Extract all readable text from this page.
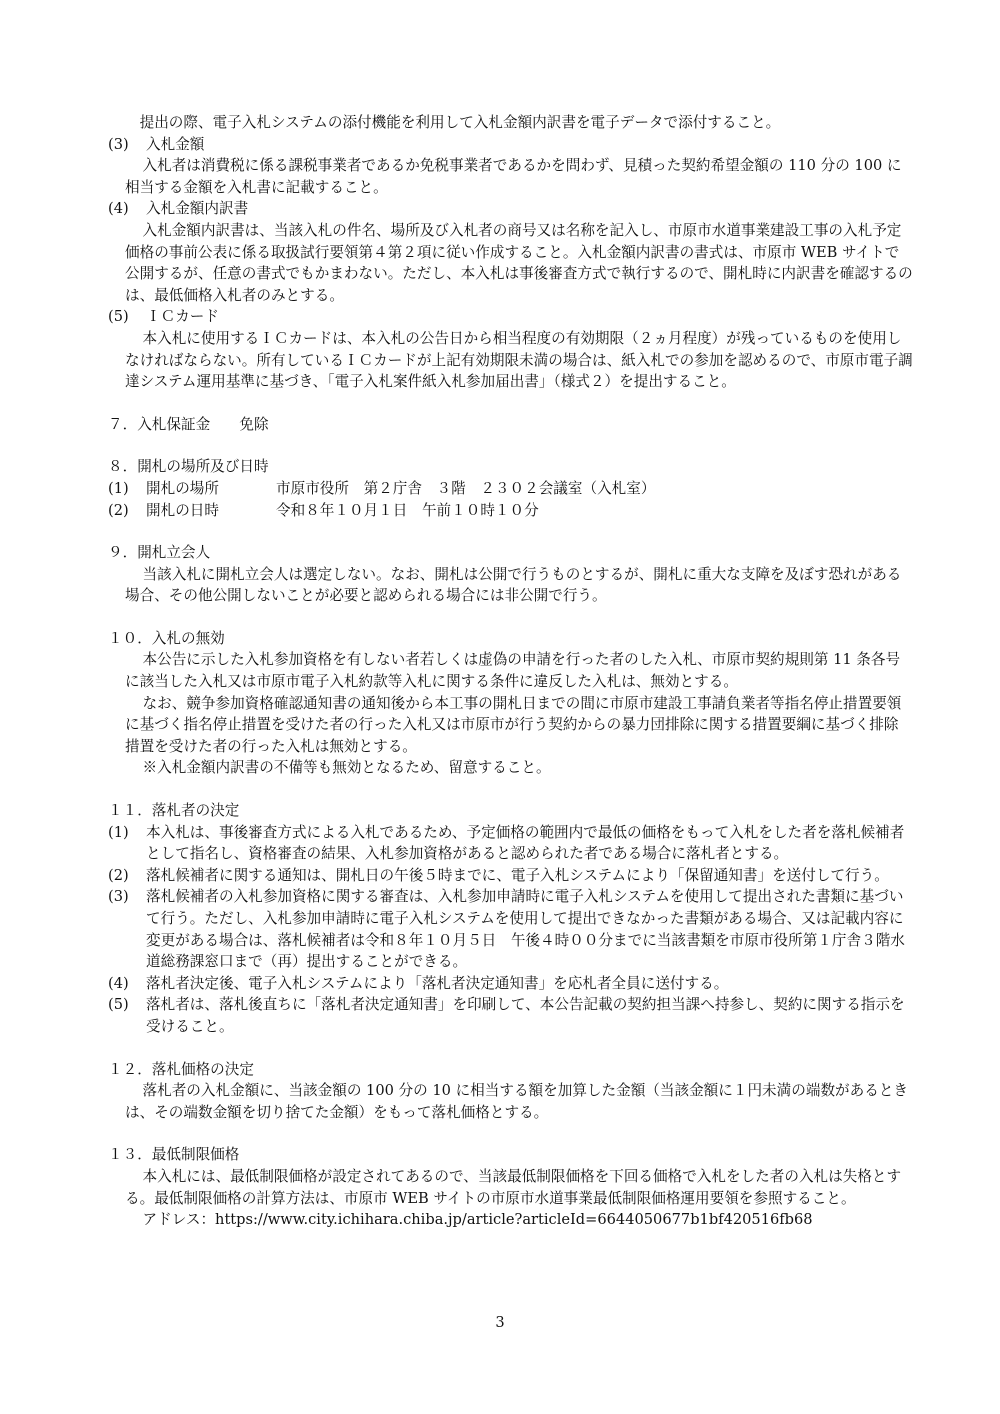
提出の際、電子入札システムの添付機能を利用して入札金額内訳書を電子データで添付すること。

(3)	入札金額

入札者は消費税に係る課税事業者であるか免税事業者であるかを問わず、見積った契約希望金額の 110 分の 100 に相当する金額を入札書に記載すること。

(4)	入札金額内訳書

入札金額内訳書は、当該入札の件名、場所及び入札者の商号又は名称を記入し、市原市水道事業建設工事の入札予定価格の事前公表に係る取扱試行要領第４第２項に従い作成すること。入札金額内訳書の書式は、市原市 WEB サイトで公開するが、任意の書式でもかまわない。ただし、本入札は事後審査方式で執行するので、開札時に内訳書を確認するのは、最低価格入札者のみとする。

(5)	ＩＣカード

本入札に使用するＩＣカードは、本入札の公告日から相当程度の有効期限（２ヵ月程度）が残っているものを使用しなければならない。所有しているＩＣカードが上記有効期限未満の場合は、紙入札での参加を認めるので、市原市電子調達システム運用基準に基づき、「電子入札案件紙入札参加届出書」（様式２）を提出すること。

７．入札保証金　　免除

８．開札の場所及び日時

(1)	開札の場所	市原市役所　第２庁舎　３階　２３０２会議室（入札室）
(2)	開札の日時	令和８年１０月１日　午前１０時１０分

９．開札立会人

当該入札に開札立会人は選定しない。なお、開札は公開で行うものとするが、開札に重大な支障を及ぼす恐れがある場合、その他公開しないことが必要と認められる場合には非公開で行う。

１０．入札の無効

本公告に示した入札参加資格を有しない者若しくは虚偽の申請を行った者のした入札、市原市契約規則第 11 条各号に該当した入札又は市原市電子入札約款等入札に関する条件に違反した入札は、無効とする。

なお、競争参加資格確認通知書の通知後から本工事の開札日までの間に市原市建設工事請負業者等指名停止措置要領に基づく指名停止措置を受けた者の行った入札又は市原市が行う契約からの暴力団排除に関する措置要綱に基づく排除措置を受けた者の行った入札は無効とする。

※入札金額内訳書の不備等も無効となるため、留意すること。

１１．落札者の決定

(1)	本入札は、事後審査方式による入札であるため、予定価格の範囲内で最低の価格をもって入札をした者を落札候補者として指名し、資格審査の結果、入札参加資格があると認められた者である場合に落札者とする。
(2)	落札候補者に関する通知は、開札日の午後５時までに、電子入札システムにより「保留通知書」を送付して行う。
(3)	落札候補者の入札参加資格に関する審査は、入札参加申請時に電子入札システムを使用して提出された書類に基づいて行う。ただし、入札参加申請時に電子入札システムを使用して提出できなかった書類がある場合、又は記載内容に変更がある場合は、落札候補者は令和８年１０月５日　午後４時００分までに当該書類を市原市役所第１庁舎３階水道総務課窓口まで（再）提出することができる。
(4)	落札者決定後、電子入札システムにより「落札者決定通知書」を応札者全員に送付する。
(5)	落札者は、落札後直ちに「落札者決定通知書」を印刷して、本公告記載の契約担当課へ持参し、契約に関する指示を受けること。

１２．落札価格の決定

落札者の入札金額に、当該金額の 100 分の 10 に相当する額を加算した金額（当該金額に１円未満の端数があるときは、その端数金額を切り捨てた金額）をもって落札価格とする。

１３．最低制限価格

本入札には、最低制限価格が設定されてあるので、当該最低制限価格を下回る価格で入札をした者の入札は失格とする。最低制限価格の計算方法は、市原市 WEB サイトの市原市水道事業最低制限価格運用要領を参照すること。

アドレス：https://www.city.ichihara.chiba.jp/article?articleId=6644050677b1bf420516fb68

3
